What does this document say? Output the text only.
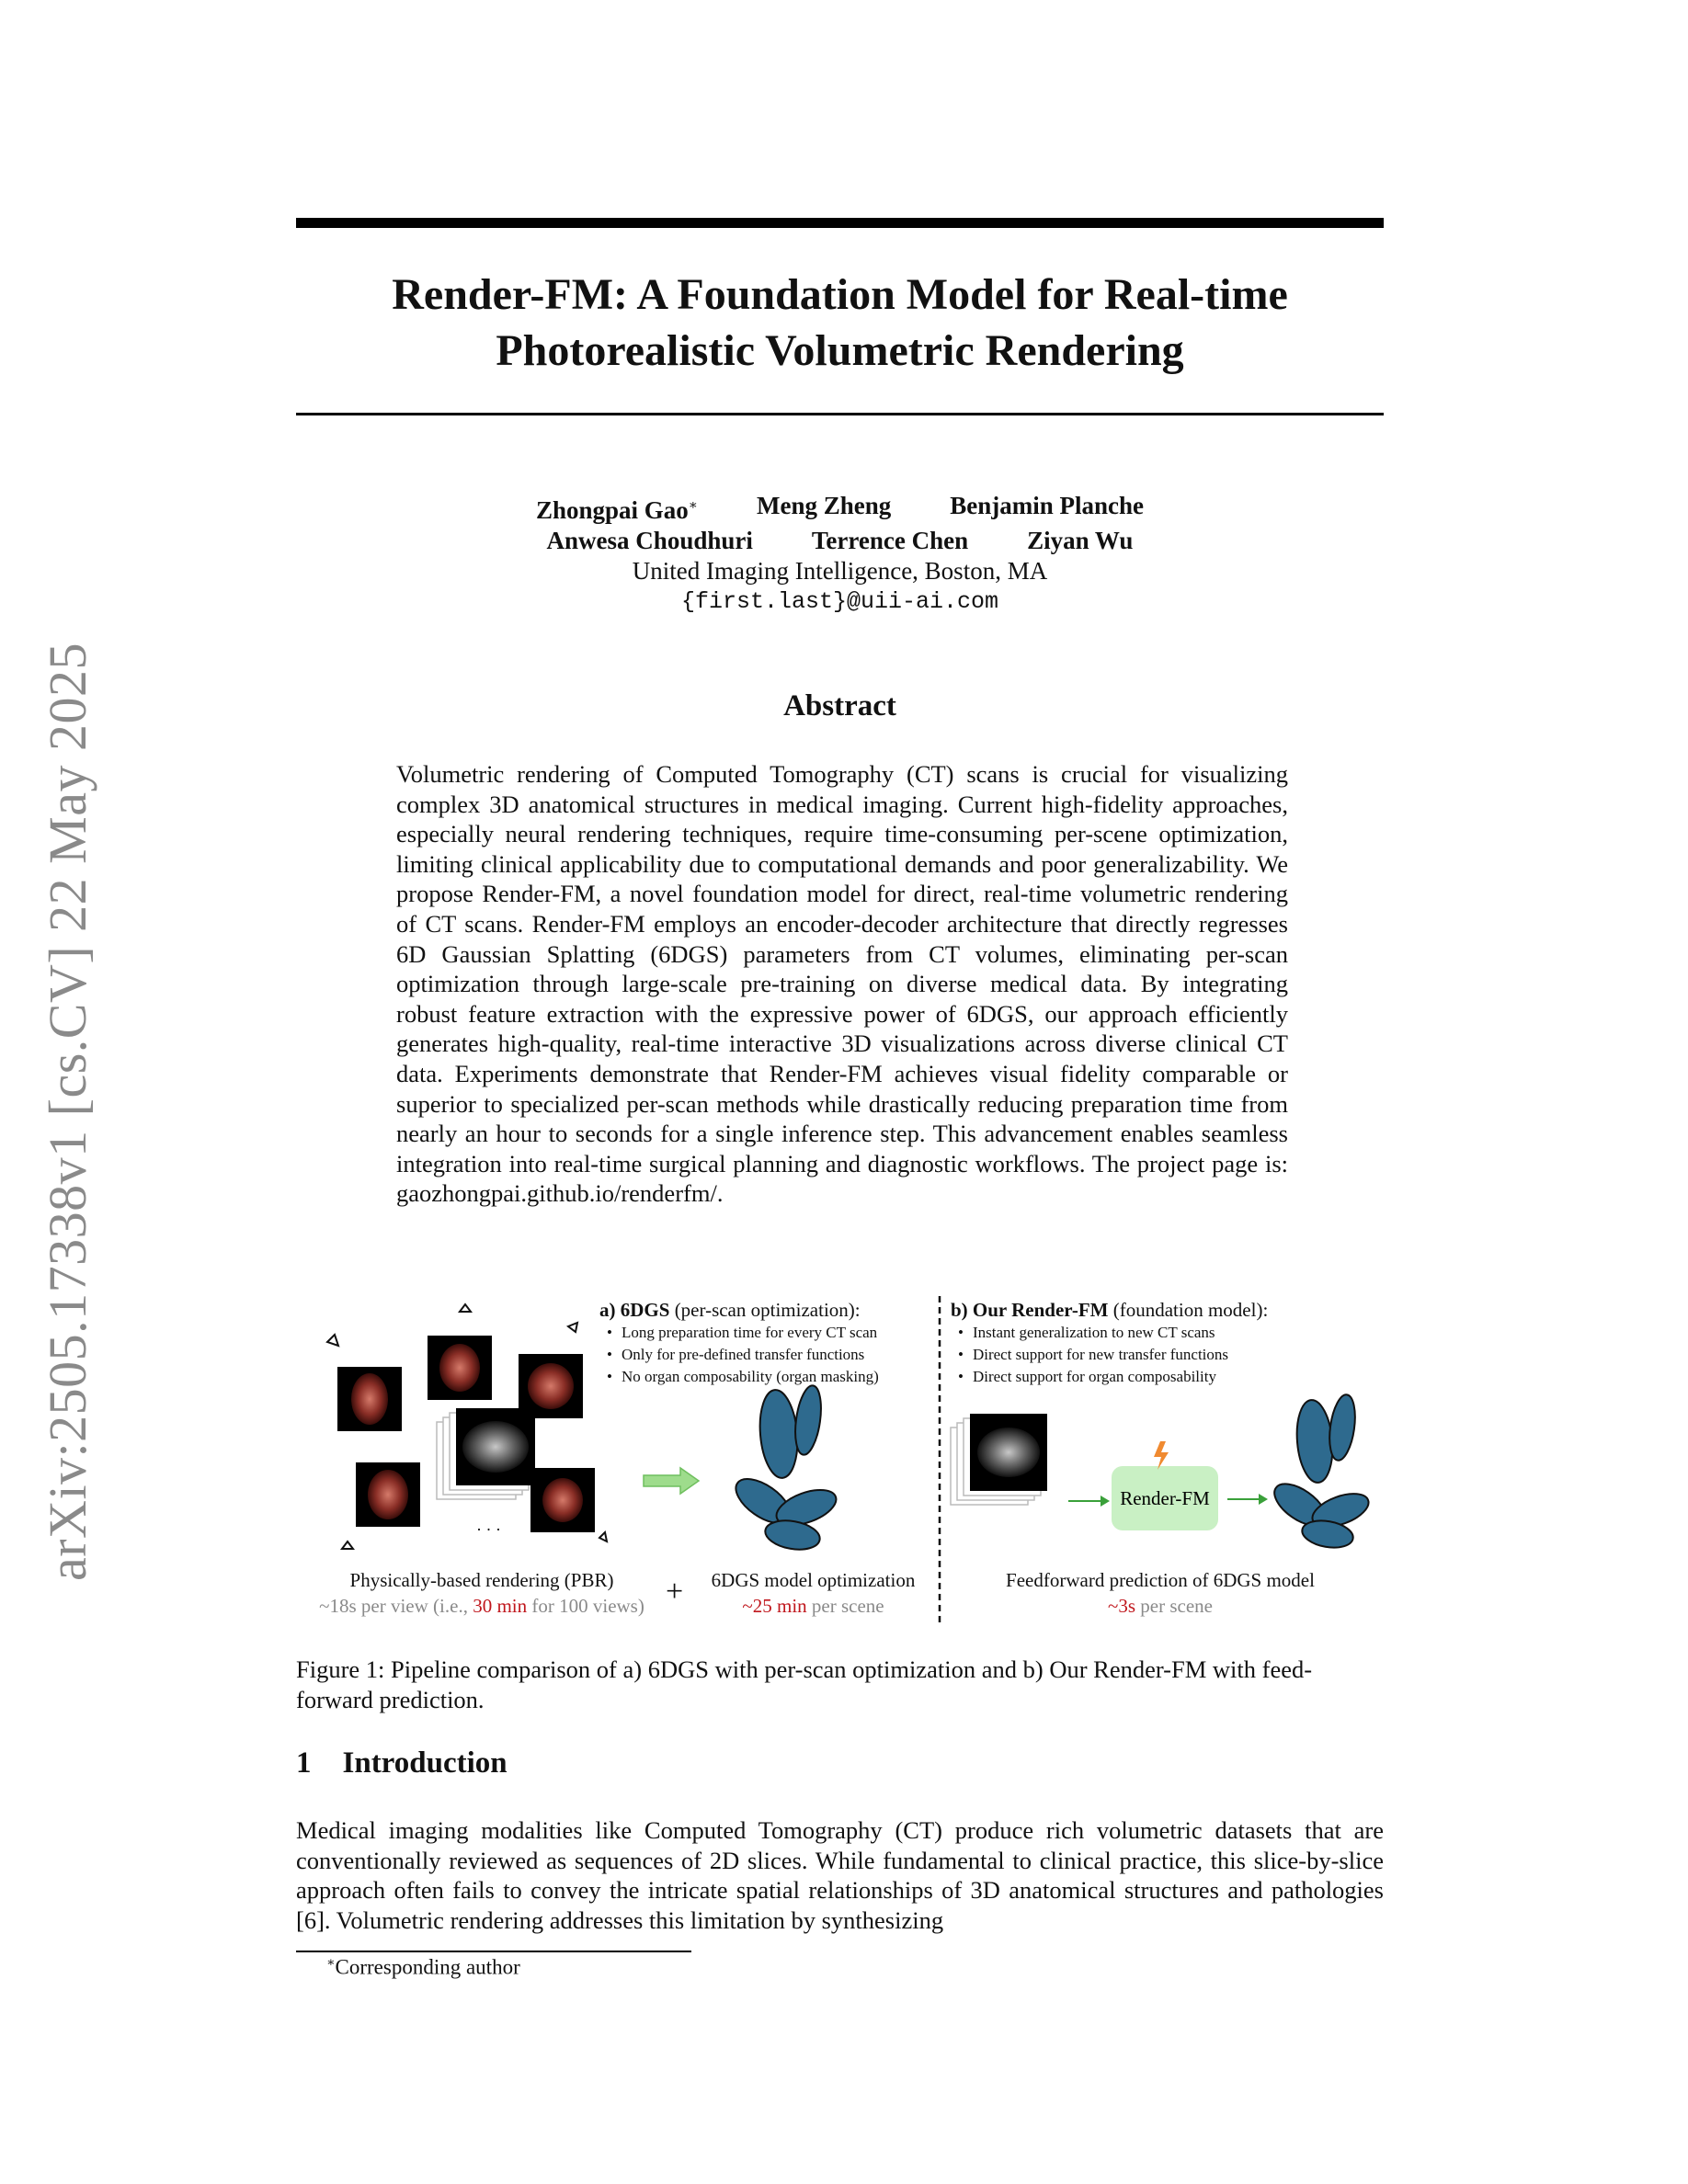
Render-FM: A Foundation Model for Real-time
Photorealistic Volumetric Rendering
arXiv:2505.17338v1 [cs.CV] 22 May 2025
Zhongpai Gao∗ Meng Zheng Benjamin Planche
Anwesa Choudhuri Terrence Chen Ziyan Wu
United Imaging Intelligence, Boston, MA
{first.last}@uii-ai.com
Abstract
Volumetric rendering of Computed Tomography (CT) scans is crucial for visualizing complex 3D anatomical structures in medical imaging. Current high-fidelity approaches, especially neural rendering techniques, require time-consuming per-scene optimization, limiting clinical applicability due to computational demands and poor generalizability. We propose Render-FM, a novel foundation model for direct, real-time volumetric rendering of CT scans. Render-FM employs an encoder-decoder architecture that directly regresses 6D Gaussian Splatting (6DGS) parameters from CT volumes, eliminating per-scan optimization through large-scale pre-training on diverse medical data. By integrating robust feature extraction with the expressive power of 6DGS, our approach efficiently generates high-quality, real-time interactive 3D visualizations across diverse clinical CT data. Experiments demonstrate that Render-FM achieves visual fidelity comparable or superior to specialized per-scan methods while drastically reducing preparation time from nearly an hour to seconds for a single inference step. This advancement enables seamless integration into real-time surgical planning and diagnostic workflows. The project page is: gaozhongpai.github.io/renderfm/.
· · ·
Render-FM
a) 6DGS (per-scan optimization):
• Long preparation time for every CT scan
• Only for pre-defined transfer functions
• No organ composability (organ masking)
b) Our Render-FM (foundation model):
• Instant generalization to new CT scans
• Direct support for new transfer functions
• Direct support for organ composability
Physically-based rendering (PBR)
~18s per view (i.e., 30 min for 100 views) +	6DGS model optimization
~25 min per scene
Feedforward prediction of 6DGS model
~3s per scene
Figure 1: Pipeline comparison of a) 6DGS with per-scan optimization and b) Our Render-FM with feed-forward prediction.
1 Introduction
Medical imaging modalities like Computed Tomography (CT) produce rich volumetric datasets that are conventionally reviewed as sequences of 2D slices. While fundamental to clinical practice, this slice-by-slice approach often fails to convey the intricate spatial relationships of 3D anatomical structures and pathologies [6]. Volumetric rendering addresses this limitation by synthesizing
∗Corresponding author
